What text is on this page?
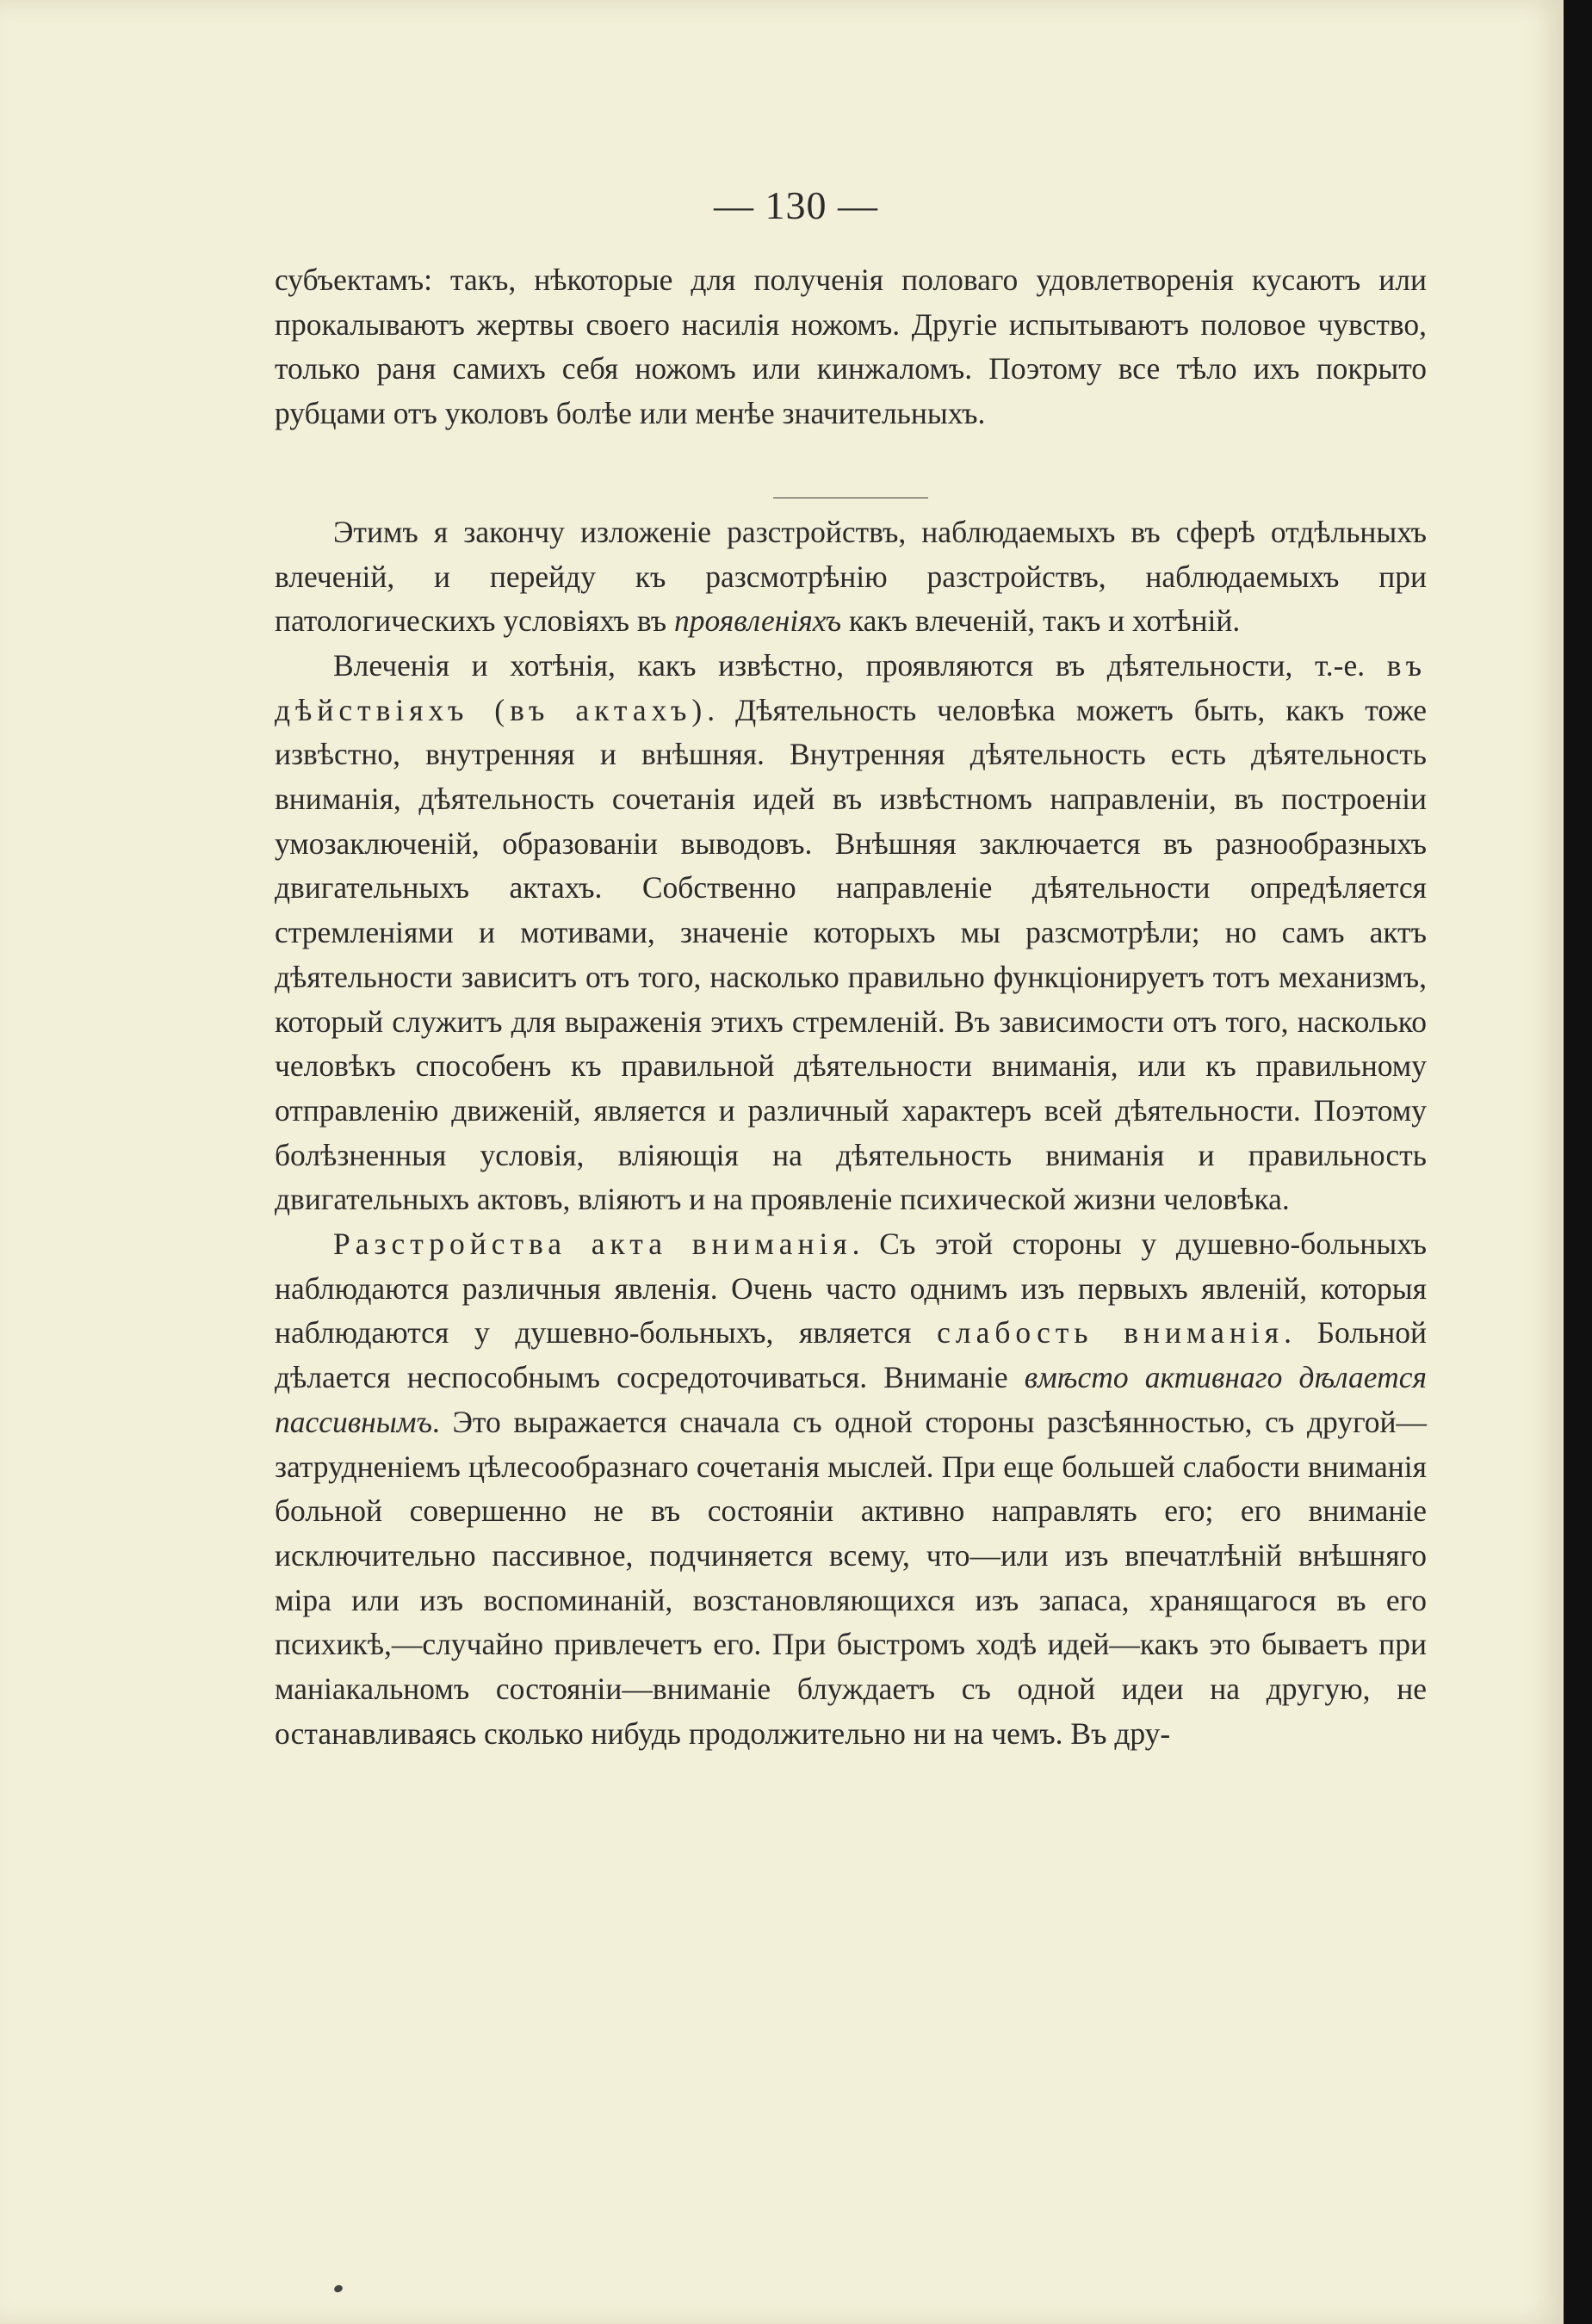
— 130 —

субъектамъ: такъ, нѣкоторые для полученія половаго удовлетворенія кусаютъ или прокалываютъ жертвы своего насилія ножомъ. Другіе испытываютъ половое чувство, только раня самихъ себя ножомъ или кинжаломъ. Поэтому все тѣло ихъ покрыто рубцами отъ уколовъ болѣе или менѣе значительныхъ.

Этимъ я закончу изложеніе разстройствъ, наблюдаемыхъ въ сферѣ отдѣльныхъ влеченій, и перейду къ разсмотрѣнію разстройствъ, наблюдаемыхъ при патологическихъ условіяхъ въ проявленіяхъ какъ влеченій, такъ и хотѣній.

Влеченія и хотѣнія, какъ извѣстно, проявляются въ дѣятельности, т.-е. въ дѣйствіяхъ (въ актахъ). Дѣятельность человѣка можетъ быть, какъ тоже извѣстно, внутренняя и внѣшняя. Внутренняя дѣятельность есть дѣятельность вниманія, дѣятельность сочетанія идей въ извѣстномъ направленіи, въ построеніи умозаключеній, образованіи выводовъ. Внѣшняя заключается въ разнообразныхъ двигательныхъ актахъ. Собственно направленіе дѣятельности опредѣляется стремленіями и мотивами, значеніе которыхъ мы разсмотрѣли; но самъ актъ дѣятельности зависитъ отъ того, насколько правильно функціонируетъ тотъ механизмъ, который служитъ для выраженія этихъ стремленій. Въ зависимости отъ того, насколько человѣкъ способенъ къ правильной дѣятельности вниманія, или къ правильному отправленію движеній, является и различный характеръ всей дѣятельности. Поэтому болѣзненныя условія, вліяющія на дѣятельность вниманія и правильность двигательныхъ актовъ, вліяютъ и на проявленіе психической жизни человѣка.

Разстройства акта вниманія. Съ этой стороны у душевно-больныхъ наблюдаются различныя явленія. Очень часто однимъ изъ первыхъ явленій, которыя наблюдаются у душевно-больныхъ, является слабость вниманія. Больной дѣлается неспособнымъ сосредоточиваться. Вниманіе вмѣсто активнаго дѣлается пассивнымъ. Это выражается сначала съ одной стороны разсѣянностью, съ другой—затрудненіемъ цѣлесообразнаго сочетанія мыслей. При еще большей слабости вниманія больной совершенно не въ состояніи активно направлять его; его вниманіе исключительно пассивное, подчиняется всему, что—или изъ впечатлѣній внѣшняго міра или изъ воспоминаній, возстановляющихся изъ запаса, хранящагося въ его психикѣ,—случайно привлечетъ его. При быстромъ ходѣ идей—какъ это бываетъ при маніакальномъ состояніи—вниманіе блуждаетъ съ одной идеи на другую, не останавливаясь сколько нибудь продолжительно ни на чемъ. Въ дру-
